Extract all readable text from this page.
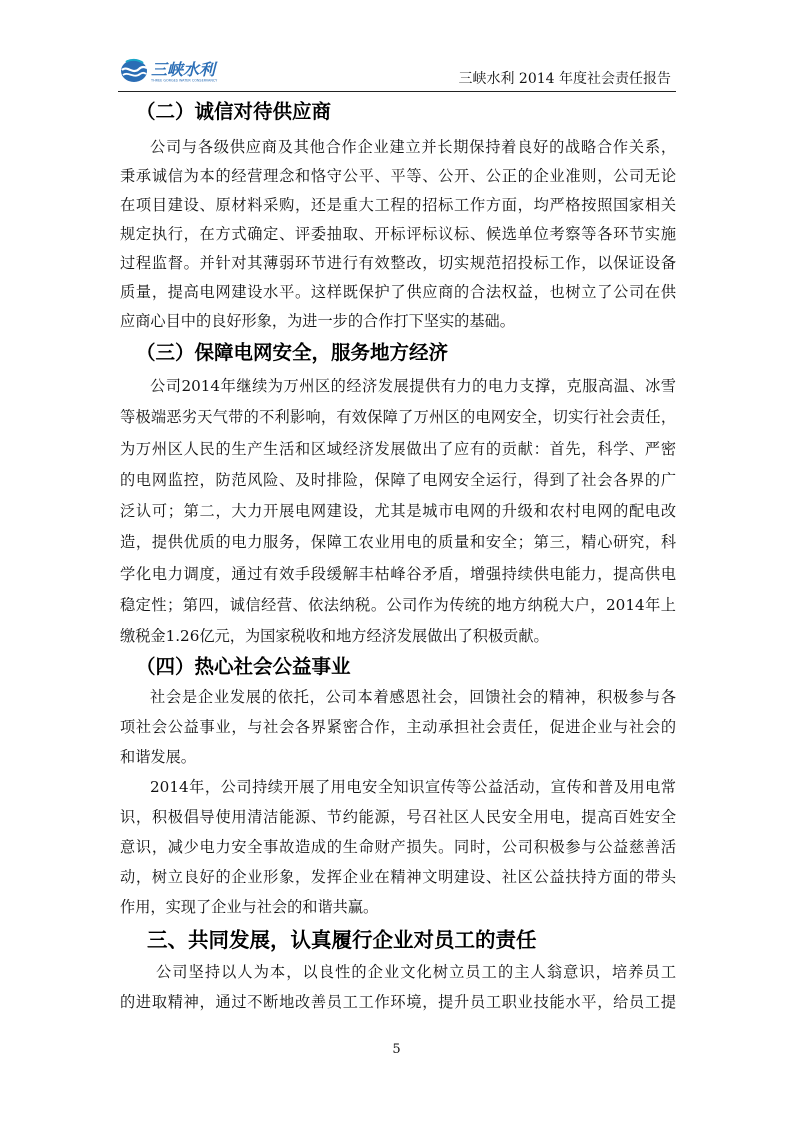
三峡水利
THREE GORGES WATER CONSERVANCY	三峡水利 2014 年度社会责任报告
（二）诚信对待供应商
公司与各级供应商及其他合作企业建立并长期保持着良好的战略合作关系，
秉承诚信为本的经营理念和恪守公平、平等、公开、公正的企业准则，公司无论
在项目建设、原材料采购，还是重大工程的招标工作方面，均严格按照国家相关
规定执行，在方式确定、评委抽取、开标评标议标、候选单位考察等各环节实施
过程监督。并针对其薄弱环节进行有效整改，切实规范招投标工作，以保证设备
质量，提高电网建设水平。这样既保护了供应商的合法权益，也树立了公司在供
应商心目中的良好形象，为进一步的合作打下坚实的基础。
（三）保障电网安全，服务地方经济
公司2014年继续为万州区的经济发展提供有力的电力支撑，克服高温、冰雪
等极端恶劣天气带的不利影响，有效保障了万州区的电网安全，切实行社会责任，
为万州区人民的生产生活和区域经济发展做出了应有的贡献：首先，科学、严密
的电网监控，防范风险、及时排险，保障了电网安全运行，得到了社会各界的广
泛认可；第二，大力开展电网建设，尤其是城市电网的升级和农村电网的配电改
造，提供优质的电力服务，保障工农业用电的质量和安全；第三，精心研究，科
学化电力调度，通过有效手段缓解丰枯峰谷矛盾，增强持续供电能力，提高供电
稳定性；第四，诚信经营、依法纳税。公司作为传统的地方纳税大户，2014年上
缴税金1.26亿元，为国家税收和地方经济发展做出了积极贡献。
（四）热心社会公益事业
社会是企业发展的依托，公司本着感恩社会，回馈社会的精神，积极参与各
项社会公益事业，与社会各界紧密合作，主动承担社会责任，促进企业与社会的
和谐发展。
2014年，公司持续开展了用电安全知识宣传等公益活动，宣传和普及用电常
识，积极倡导使用清洁能源、节约能源，号召社区人民安全用电，提高百姓安全
意识，减少电力安全事故造成的生命财产损失。同时，公司积极参与公益慈善活
动，树立良好的企业形象，发挥企业在精神文明建设、社区公益扶持方面的带头
作用，实现了企业与社会的和谐共赢。
三、共同发展，认真履行企业对员工的责任
公司坚持以人为本，以良性的企业文化树立员工的主人翁意识，培养员工
的进取精神，通过不断地改善员工工作环境，提升员工职业技能水平，给员工提
5
